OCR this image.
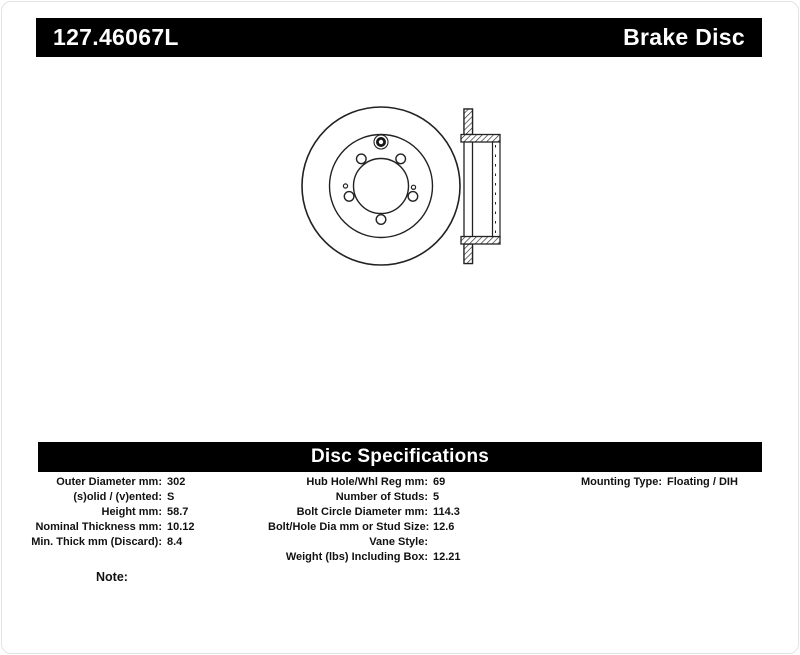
127.46067L	Brake Disc
Disc Specifications
Outer Diameter mm: 302
(s)olid / (v)ented: S
Height mm: 58.7
Nominal Thickness mm: 10.12
Min. Thick mm (Discard): 8.4
Hub Hole/Whl Reg mm: 69
Number of Studs: 5
Bolt Circle Diameter mm: 114.3
Bolt/Hole Dia mm or Stud Size: 12.6
Vane Style:
Weight (lbs) Including Box: 12.21
Mounting Type: Floating / DIH
Note:
